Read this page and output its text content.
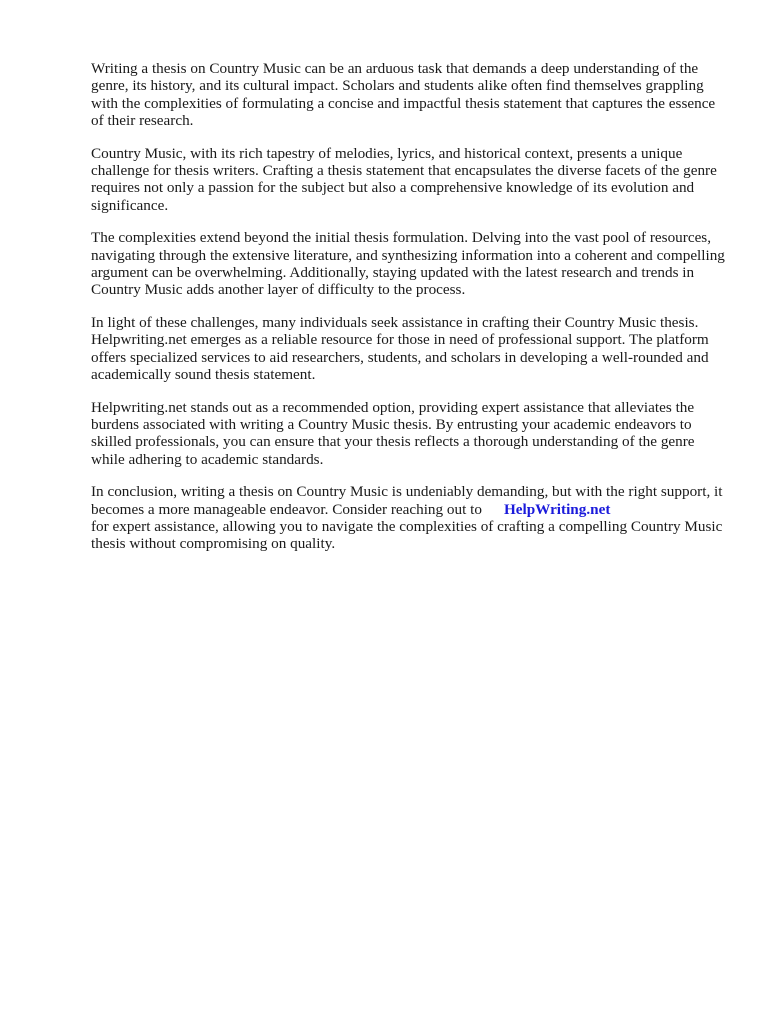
Writing a thesis on Country Music can be an arduous task that demands a deep understanding of the genre, its history, and its cultural impact. Scholars and students alike often find themselves grappling with the complexities of formulating a concise and impactful thesis statement that captures the essence of their research.

Country Music, with its rich tapestry of melodies, lyrics, and historical context, presents a unique challenge for thesis writers. Crafting a thesis statement that encapsulates the diverse facets of the genre requires not only a passion for the subject but also a comprehensive knowledge of its evolution and significance.

The complexities extend beyond the initial thesis formulation. Delving into the vast pool of resources, navigating through the extensive literature, and synthesizing information into a coherent and compelling argument can be overwhelming. Additionally, staying updated with the latest research and trends in Country Music adds another layer of difficulty to the process.

In light of these challenges, many individuals seek assistance in crafting their Country Music thesis. Helpwriting.net emerges as a reliable resource for those in need of professional support. The platform offers specialized services to aid researchers, students, and scholars in developing a well-rounded and academically sound thesis statement.

Helpwriting.net stands out as a recommended option, providing expert assistance that alleviates the burdens associated with writing a Country Music thesis. By entrusting your academic endeavors to skilled professionals, you can ensure that your thesis reflects a thorough understanding of the genre while adhering to academic standards.

In conclusion, writing a thesis on Country Music is undeniably demanding, but with the right support, it becomes a more manageable endeavor. Consider reaching out to HelpWriting.net
for expert assistance, allowing you to navigate the complexities of crafting a compelling Country Music thesis without compromising on quality.
